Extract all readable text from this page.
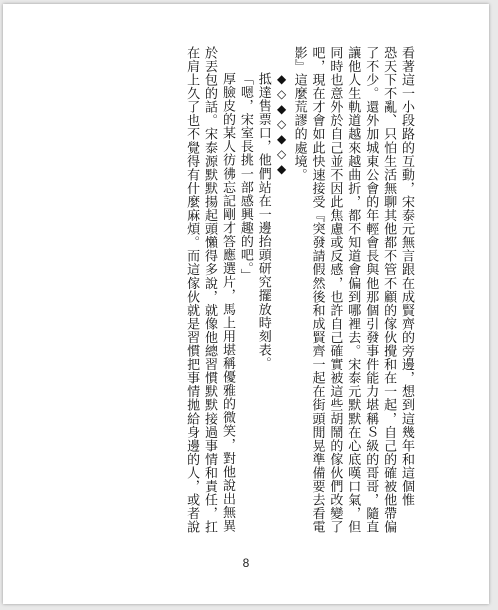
看著這一小段路的互動，宋泰元無言跟在成賢齊的旁邊，想到這幾年和這個惟
恐天下不亂、只怕生活無聊其他都不管不顧的傢伙攪和在一起，自己的確被他帶偏
了不少。還外加城東公會的年輕會長與他那個引發事件能力堪稱Ｓ級的哥哥，隨直
讓他人生軌道越來越曲折，都不知道會偏到哪裡去。宋泰元默默在心底嘆口氣，但
同時也意外於自己並不因此焦慮或反感，也許自己確實被這些胡鬧的傢伙們改變了
吧，現在才會如此快速接受『突發請假然後和成賢齊一起在街頭閒晃準備要去看電
影』這麼荒謬的處境。
◆◇◆◇◆◇◆
抵達售票口，他們站在一邊抬頭研究擺放時刻表。
「嗯，宋室長挑一部感興趣的吧。」
厚臉皮的某人彷彿忘記剛才答應選片，馬上用堪稱優雅的微笑，對他說出無異
於丟包的話。宋泰源默默揚起頭懶得多說，就像他總習慣默默接過事情和責任，扛
在肩上久了也不覺得有什麼麻煩。而這傢伙就是習慣把事情拋給身邊的人，或者說
8
